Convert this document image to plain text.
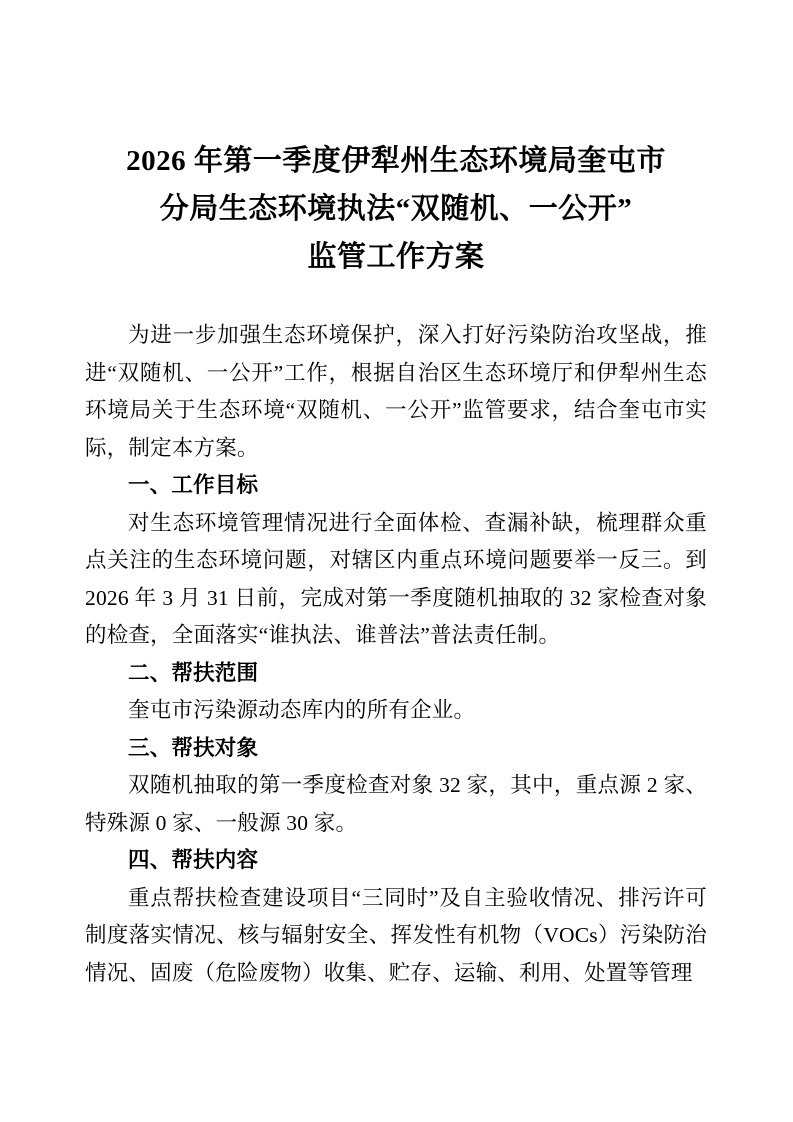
2026 年第一季度伊犁州生态环境局奎屯市
分局生态环境执法“双随机、一公开”
监管工作方案

为进一步加强生态环境保护，深入打好污染防治攻坚战，推进“双随机、一公开”工作，根据自治区生态环境厅和伊犁州生态环境局关于生态环境“双随机、一公开”监管要求，结合奎屯市实际，制定本方案。

一、工作目标

对生态环境管理情况进行全面体检、查漏补缺，梳理群众重点关注的生态环境问题，对辖区内重点环境问题要举一反三。到 2026 年 3 月 31 日前，完成对第一季度随机抽取的 32 家检查对象的检查，全面落实“谁执法、谁普法”普法责任制。

二、帮扶范围

奎屯市污染源动态库内的所有企业。

三、帮扶对象

双随机抽取的第一季度检查对象 32 家，其中，重点源 2 家、特殊源 0 家、一般源 30 家。

四、帮扶内容

重点帮扶检查建设项目“三同时”及自主验收情况、排污许可制度落实情况、核与辐射安全、挥发性有机物（VOCs）污染防治情况、固废（危险废物）收集、贮存、运输、利用、处置等管理
